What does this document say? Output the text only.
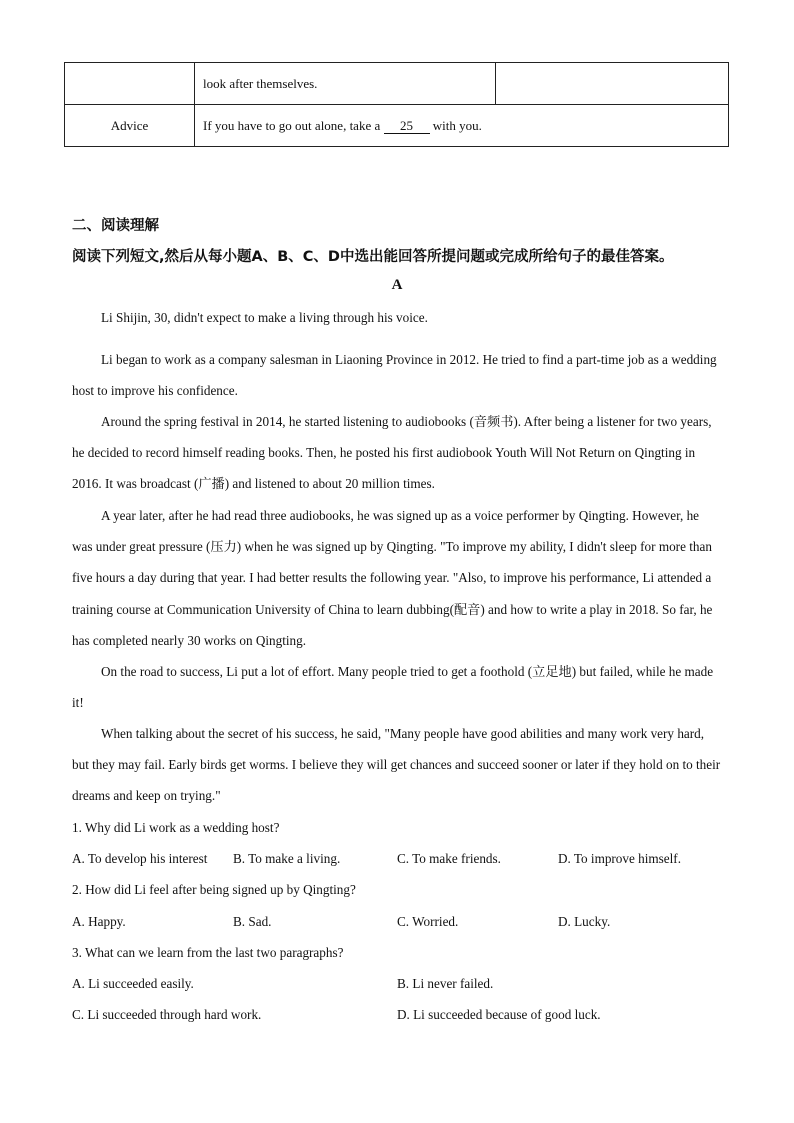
	look after themselves.	
Advice	If you have to go out alone, take a 25 with you.	
二、阅读理解
阅读下列短文,然后从每小题A、B、C、D中选出能回答所提问题或完成所给句子的最佳答案。
A
Li Shijin, 30, didn't expect to make a living through his voice.
Li began to work as a company salesman in Liaoning Province in 2012. He tried to find a part-time job as a wedding host to improve his confidence.
Around the spring festival in 2014, he started listening to audiobooks (音频书). After being a listener for two years, he decided to record himself reading books. Then, he posted his first audiobook Youth Will Not Return on Qingting in 2016. It was broadcast (广播) and listened to about 20 million times.
A year later, after he had read three audiobooks, he was signed up as a voice performer by Qingting. However, he was under great pressure (压力) when he was signed up by Qingting. "To improve my ability, I didn't sleep for more than five hours a day during that year. I had better results the following year. "Also, to improve his performance, Li attended a training course at Communication University of China to learn dubbing(配音) and how to write a play in 2018. So far, he has completed nearly 30 works on Qingting.
On the road to success, Li put a lot of effort. Many people tried to get a foothold (立足地) but failed, while he made it!
When talking about the secret of his success, he said, "Many people have good abilities and many work very hard, but they may fail. Early birds get worms. I believe they will get chances and succeed sooner or later if they hold on to their dreams and keep on trying."
1. Why did Li work as a wedding host?
A. To develop his interest B. To make a living.	C. To make friends.	D. To improve himself.
2. How did Li feel after being signed up by Qingting?
A. Happy.	B. Sad.	C. Worried.	D. Lucky.
3. What can we learn from the last two paragraphs?
A. Li succeeded easily.	B. Li never failed.
C. Li succeeded through hard work.	D. Li succeeded because of good luck.
